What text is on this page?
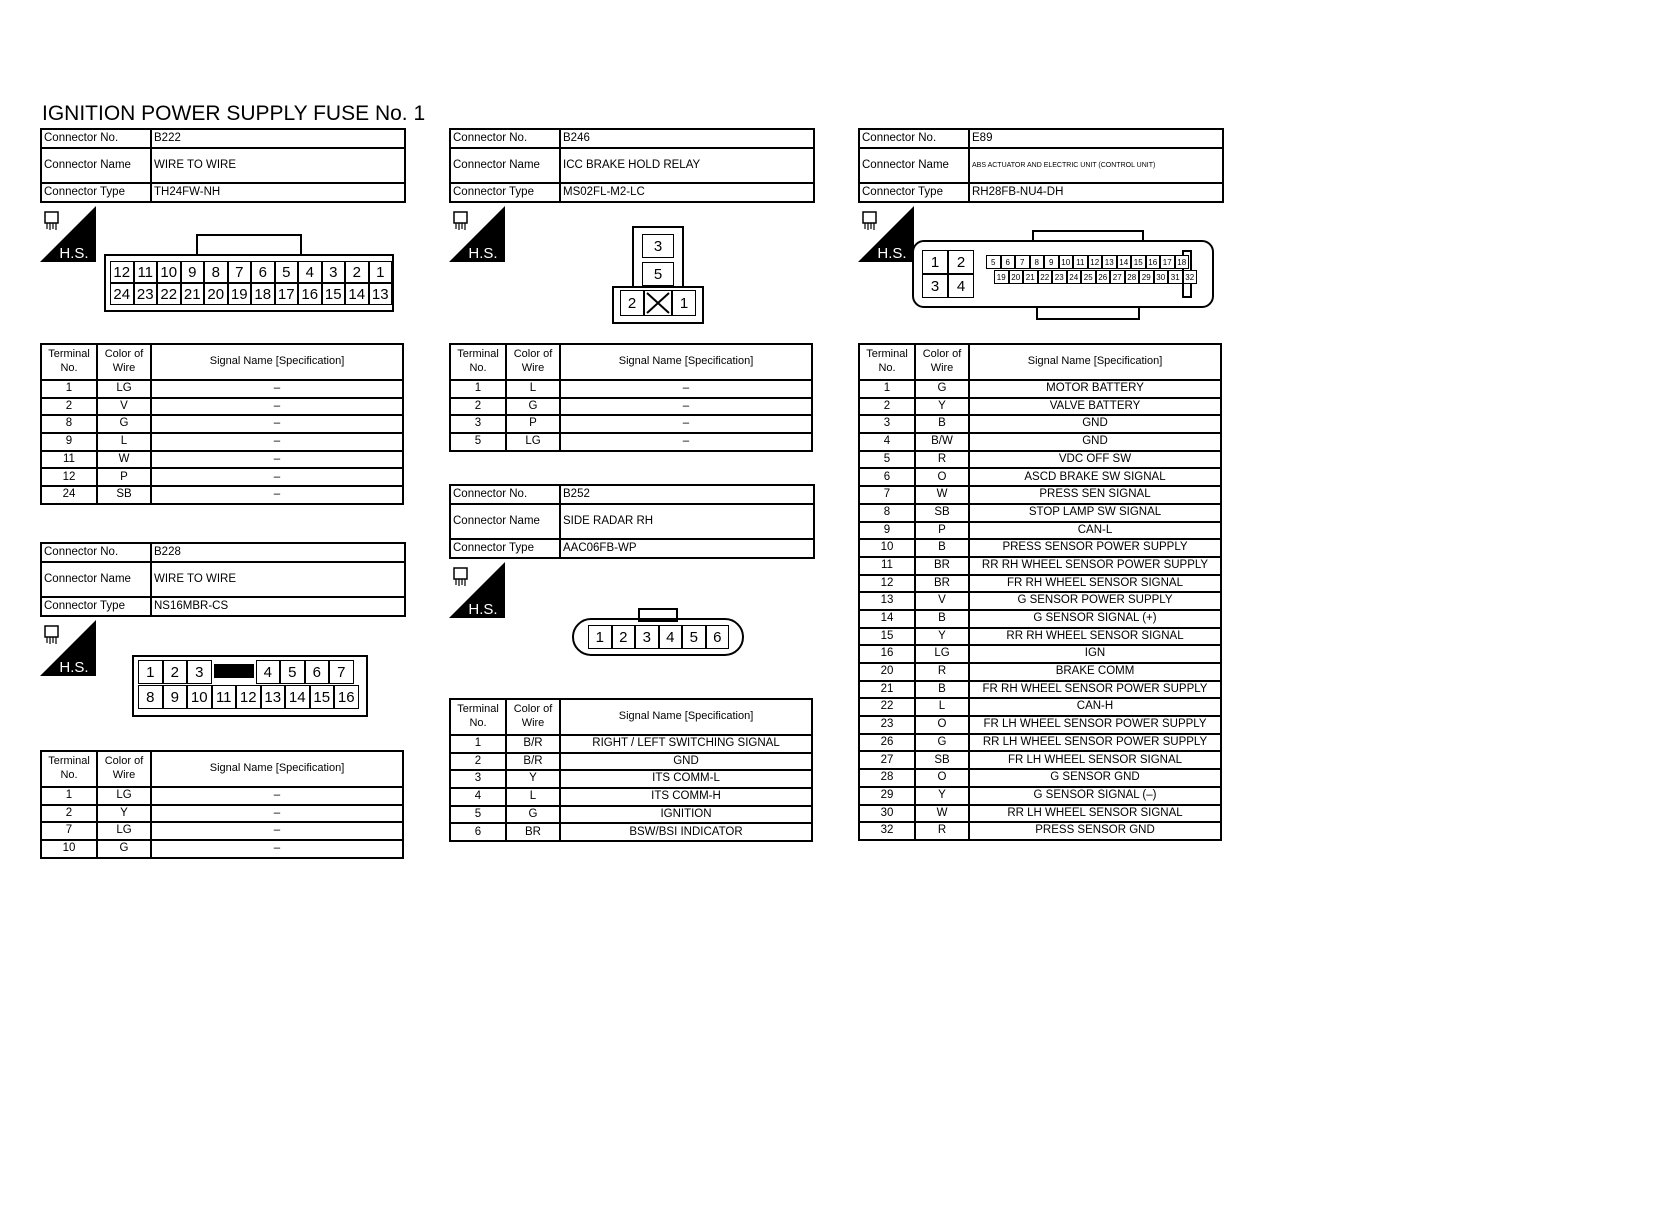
IGNITION POWER SUPPLY FUSE No. 1
Connector No.	B222
Connector Name	WIRE TO WIRE
Connector Type	TH24FW-NH
H.S.
12 11 10 9	8	7	6	5	4	3	2	1
24 23 22 21 20 19 18 17 16 15 14 13
Terminal No.	Color of Wire	Signal Name [Specification]
1	LG	–
2	V	–
8	G	–
9	L	–
11	W	–
12	P	–
24	SB	–
Connector No.	B228
Connector Name	WIRE TO WIRE
Connector Type	NS16MBR-CS
H.S.	1	2	3	4	5	6	7
8	9 10 11 12 13 14 15 16
Terminal No.	Color of Wire	Signal Name [Specification]
1	LG	–
2	Y	–
7	LG	–
10	G	–
Connector No.	B246
Connector Name	ICC BRAKE HOLD RELAY
Connector Type	MS02FL-M2-LC
H.S.	3
5
2	1
Terminal No.	Color of Wire	Signal Name [Specification]
1	L	–
2	G	–
3	P	–
5	LG	–
Connector No.	B252
Connector Name	SIDE RADAR RH
Connector Type	AAC06FB-WP
H.S.
1	2	3	4	5	6
Terminal No.	Color of Wire	Signal Name [Specification]
1	B/R	RIGHT / LEFT SWITCHING SIGNAL
2	B/R	GND
3	Y	ITS COMM-L
4	L	ITS COMM-H
5	G	IGNITION
6	BR	BSW/BSI INDICATOR
Connector No.	E89
Connector Name	ABS ACTUATOR AND ELECTRIC UNIT (CONTROL UNIT)
Connector Type	RH28FB-NU4-DH
H.S.	1	2
3	4
5	6	7	8	9 10 11 12 13 14 15 16 17 18
19 20 21 22 23 24 25 26 27 28 29 30 31 32
Terminal No.	Color of Wire	Signal Name [Specification]
1	G	MOTOR BATTERY
2	Y	VALVE BATTERY
3	B	GND
4	B/W	GND
5	R	VDC OFF SW
6	O	ASCD BRAKE SW SIGNAL
7	W	PRESS SEN SIGNAL
8	SB	STOP LAMP SW SIGNAL
9	P	CAN-L
10	B	PRESS SENSOR POWER SUPPLY
11	BR	RR RH WHEEL SENSOR POWER SUPPLY
12	BR	FR RH WHEEL SENSOR SIGNAL
13	V	G SENSOR POWER SUPPLY
14	B	G SENSOR SIGNAL (+)
15	Y	RR RH WHEEL SENSOR SIGNAL
16	LG	IGN
20	R	BRAKE COMM
21	B	FR RH WHEEL SENSOR POWER SUPPLY
22	L	CAN-H
23	O	FR LH WHEEL SENSOR POWER SUPPLY
26	G	RR LH WHEEL SENSOR POWER SUPPLY
27	SB	FR LH WHEEL SENSOR SIGNAL
28	O	G SENSOR GND
29	Y	G SENSOR SIGNAL (–)
30	W	RR LH WHEEL SENSOR SIGNAL
32	R	PRESS SENSOR GND
